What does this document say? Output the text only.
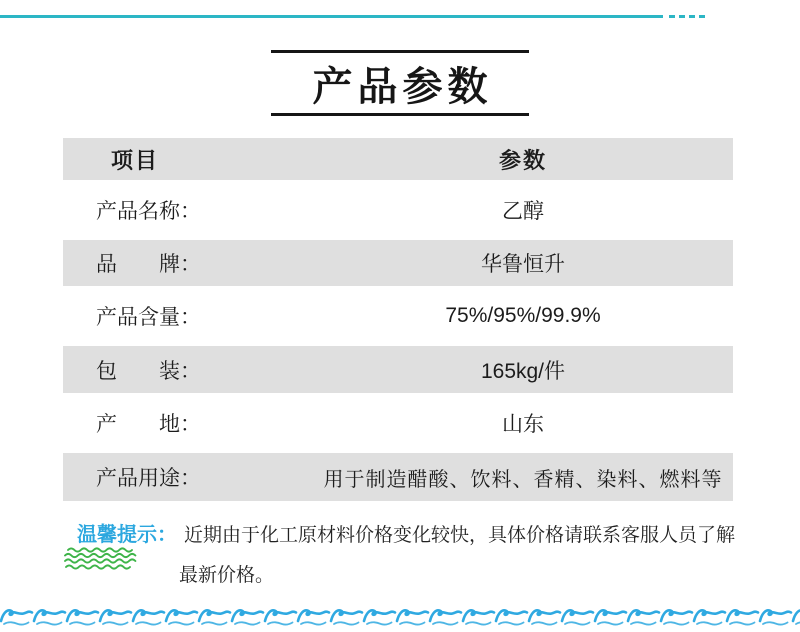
产品参数
项目	参数
产品名称：	乙醇
品　　牌：	华鲁恒升
产品含量：	75%/95%/99.9%
包　　装：	165kg/件
产　　地：	山东
产品用途：	用于制造醋酸、饮料、香精、染料、燃料等
温馨提示： 近期由于化工原材料价格变化较快，具体价格请联系客服人员了解
最新价格。
